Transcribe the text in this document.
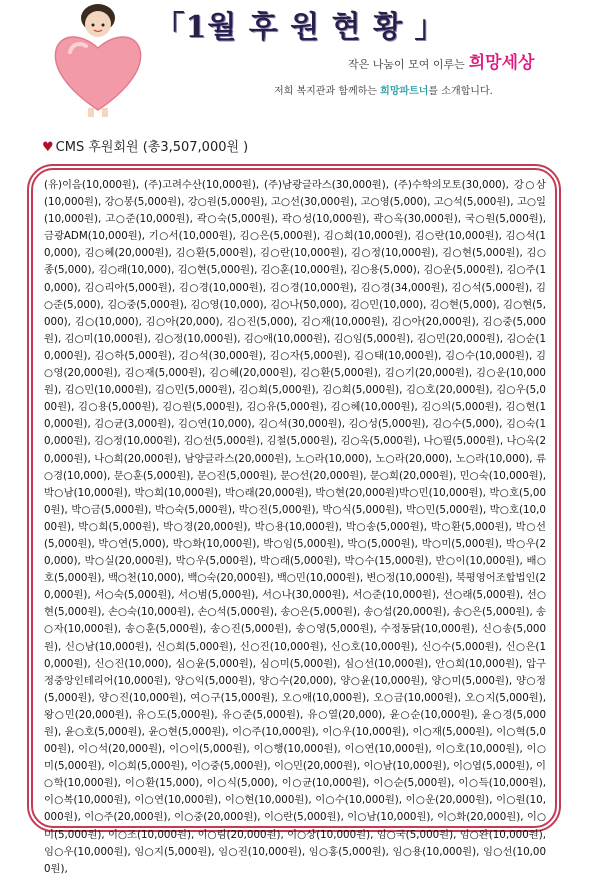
「1월 후 원 현 황 」
작은 나눔이 모여 이루는 희망세상
저희 복지관과 함께하는 희망파트너를 소개합니다.
♥ CMS 후원회원 (총3,507,000원 )
(유)이음(10,000원), (주)고려수산(10,000원), (주)남광글라스(30,000원), (주)수학의모토(30,000), 강○삼(10,000원), 강○봉(5,000원), 강○원(5,000원), 고○선(30,000원), 고○영(5,000), 고○석(5,000원), 고○일(10,000원), 고○준(10,000원), 곽○숙(5,000원), 곽○성(10,000원), 곽○옥(30,000원), 국○원(5,000원), 금광ADM(10,000원), 기○서(10,000원), 김○은(5,000원), 김○희(10,000원), 김○란(10,000원), 김○석(10,000), 김○혜(20,000원), 김○환(5,000원), 김○란(10,000원), 김○정(10,000원), 김○현(5,000원), 김○종(5,000), 김○래(10,000), 김○현(5,000원), 김○훈(10,000원), 김○용(5,000), 김○운(5,000원), 김○주(10,000), 김○리아(5,000원), 김○경(10,000원), 김○경(10,000원), 김○경(34,000원), 김○석(5,000원), 김○준(5,000), 김○중(5,000원), 김○영(10,000), 김○나(50,000), 김○민(10,000), 김○현(5,000), 김○현(5,000), 김○(10,000), 김○아(20,000), 김○진(5,000), 김○재(10,000원), 김○아(20,000원), 김○중(5,000원), 김○미(10,000원), 김○정(10,000원), 김○애(10,000원), 김○임(5,000원), 김○민(20,000원), 김○순(10,000원), 김○하(5,000원), 김○석(30,000원), 김○자(5,000원), 김○태(10,000원), 김○수(10,000원), 김○영(20,000원), 김○재(5,000원), 김○혜(20,000원), 김○환(5,000원), 김○기(20,000원), 김○운(10,000원), 김○민(10,000원), 김○민(5,000원), 김○희(5,000원), 김○희(5,000원), 김○호(20,000원), 김○우(5,000원), 김○용(5,000원), 김○원(5,000원), 김○유(5,000원), 김○혜(10,000원), 김○의(5,000원), 김○현(10,000원), 김○균(3,000원), 김○연(10,000), 김○석(30,000원), 김○성(5,000원), 김○수(5,000), 김○숙(10,000원), 김○정(10,000원), 김○선(5,000원), 김철(5,000원), 김○옥(5,000원), 나○필(5,000원), 나○옥(20,000원), 나○희(20,000원), 남양글라스(20,000원), 노○라(10,000), 노○라(20,000), 노○라(10,000), 류○경(10,000), 문○훈(5,000원), 문○진(5,000원), 문○선(20,000원), 문○희(20,000원), 민○숙(10,000원), 박○남(10,000원), 박○희(10,000원), 박○래(20,000원), 박○현(20,000원)박○민(10,000원), 박○호(5,000원), 박○금(5,000원), 박○숙(5,000원), 박○진(5,000원), 박○식(5,000원), 박○민(5,000원), 박○호(10,000원), 박○희(5,000원), 박○경(20,000원), 박○용(10,000원), 박○송(5,000원), 박○환(5,000원), 박○선(5,000원), 박○연(5,000), 박○화(10,000원), 박○임(5,000원), 박○(5,000원), 박○미(5,000원), 박○우(20,000), 박○실(20,000원), 박○우(5,000원), 박○래(5,000원), 박○수(15,000원), 반○이(10,000원), 배○호(5,000원), 백○천(10,000), 백○숙(20,000원), 백○민(10,000원), 변○정(10,000원), 북평영어조합법인(20,000원), 서○숙(5,000원), 서○범(5,000원), 서○나(30,000원), 서○준(10,000원), 선○래(5,000원), 선○현(5,000원), 손○숙(10,000원), 손○석(5,000원), 송○은(5,000원), 송○섭(20,000원), 송○은(5,000원), 송○자(10,000원), 송○훈(5,000원), 송○진(5,000원), 송○영(5,000원), 수정동닭(10,000원), 신○송(5,000원), 신○남(10,000원), 신○희(5,000원), 신○진(10,000원), 신○호(10,000원), 신○수(5,000원), 신○은(10,000원), 신○진(10,000), 심○윤(5,000원), 심○미(5,000원), 심○선(10,000원), 안○희(10,000원), 압구정중앙인테리어(10,000원), 양○익(5,000원), 양○수(20,000), 양○윤(10,000원), 양○미(5,000원), 양○정(5,000원), 양○진(10,000원), 여○구(15,000원), 오○애(10,000원), 오○금(10,000원), 오○지(5,000원), 왕○민(20,000원), 유○도(5,000원), 유○준(5,000원), 유○열(20,000), 윤○순(10,000원), 윤○경(5,000원), 윤○호(5,000원), 윤○현(5,000원), 이○주(10,000원), 이○우(10,000원), 이○재(5,000원), 이○혁(5,000원), 이○석(20,000원), 이○이(5,000원), 이○행(10,000원), 이○연(10,000원), 이○호(10,000원), 이○미(5,000원), 이○희(5,000원), 이○중(5,000원), 이○민(20,000원), 이○남(10,000원), 이○엽(5,000원), 이○학(10,000원), 이○환(15,000), 이○식(5,000), 이○균(10,000원), 이○순(5,000원), 이○득(10,000원), 이○복(10,000원), 이○연(10,000원), 이○현(10,000원), 이○수(10,000원), 이○운(20,000원), 이○원(10,000원), 이○주(20,000원), 이○중(20,000원), 이○란(5,000원), 이○남(10,000원), 이○화(20,000원), 이○미(5,000원), 이○조(10,000원), 이○림(20,000원), 이○상(10,000원), 임○국(5,000원), 임○완(10,000원), 임○우(10,000원), 임○지(5,000원), 임○진(10,000원), 임○홍(5,000원), 임○용(10,000원), 임○선(10,000원),
